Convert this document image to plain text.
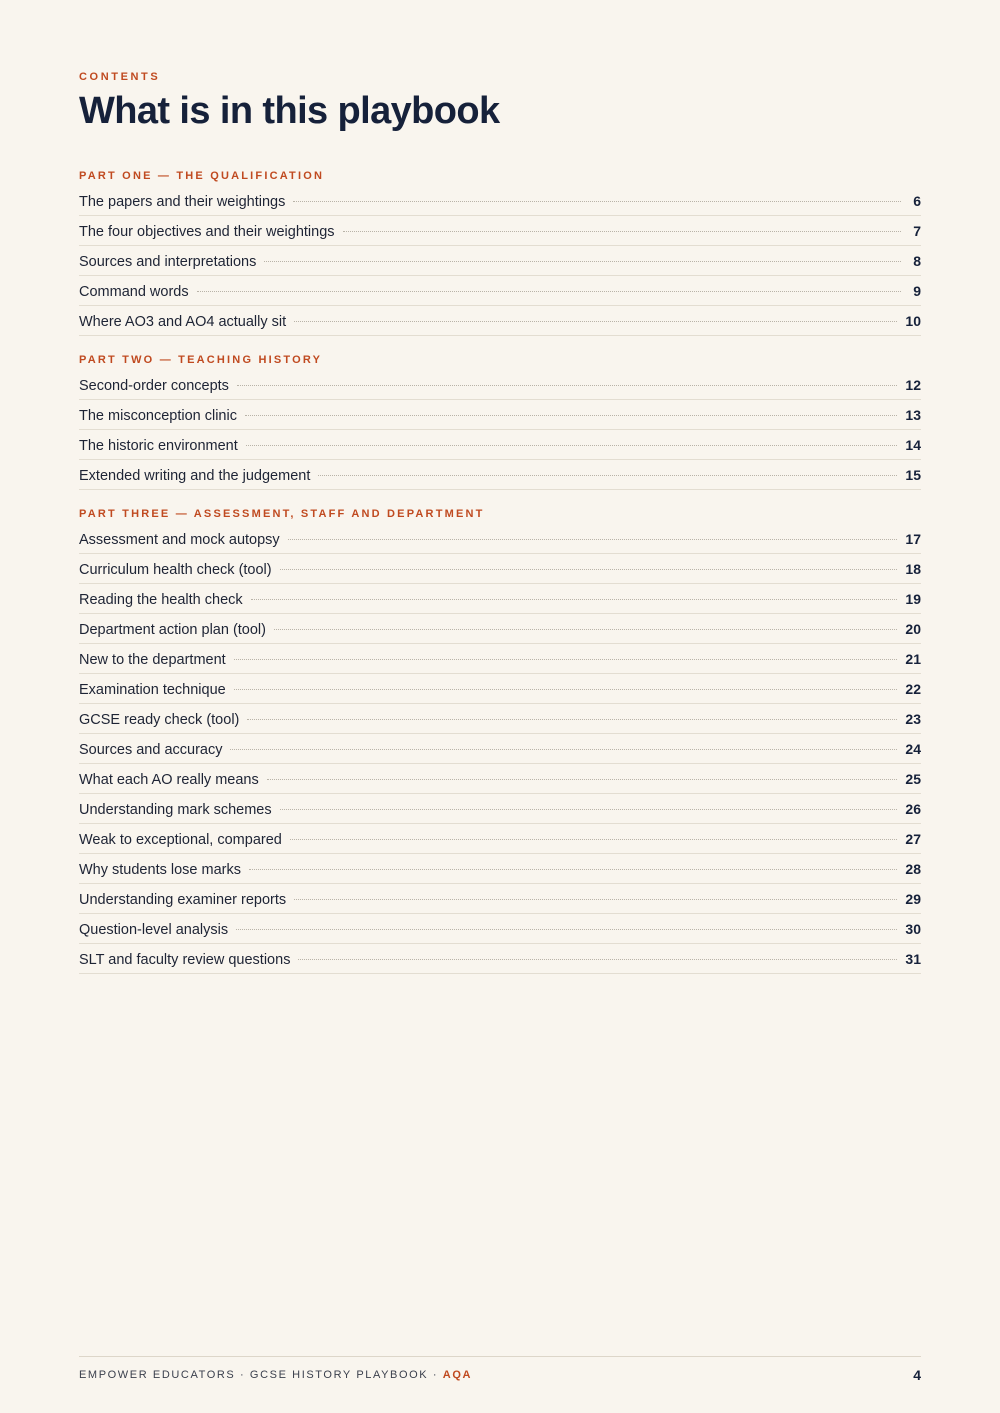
CONTENTS
What is in this playbook
PART ONE — THE QUALIFICATION
The papers and their weightings	6
The four objectives and their weightings	7
Sources and interpretations	8
Command words	9
Where AO3 and AO4 actually sit	10
PART TWO — TEACHING HISTORY
Second-order concepts	12
The misconception clinic	13
The historic environment	14
Extended writing and the judgement	15
PART THREE — ASSESSMENT, STAFF AND DEPARTMENT
Assessment and mock autopsy	17
Curriculum health check (tool)	18
Reading the health check	19
Department action plan (tool)	20
New to the department	21
Examination technique	22
GCSE ready check (tool)	23
Sources and accuracy	24
What each AO really means	25
Understanding mark schemes	26
Weak to exceptional, compared	27
Why students lose marks	28
Understanding examiner reports	29
Question-level analysis	30
SLT and faculty review questions	31
EMPOWER EDUCATORS · GCSE HISTORY PLAYBOOK · AQA	4
